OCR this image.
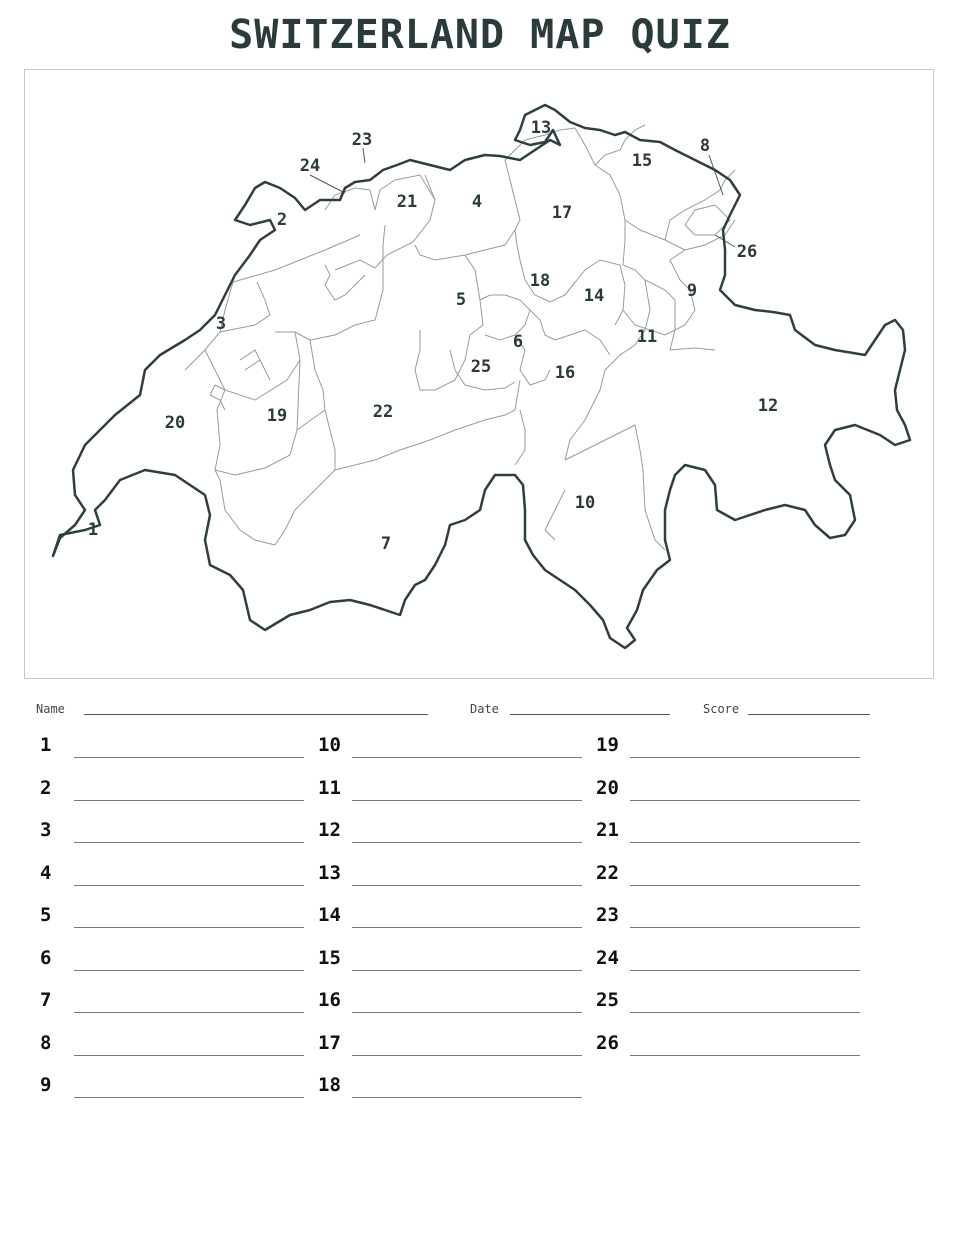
SWITZERLAND MAP QUIZ
1
2
3
4
5
6
7
8
9
10
11
12
13
14
15
16
17
18
19
20
21
22
23
24
25
26
Name	Date	Score
1
2
3
4
5
6
7
8
9
10
11
12
13
14
15
16
17
18
19
20
21
22
23
24
25
26
